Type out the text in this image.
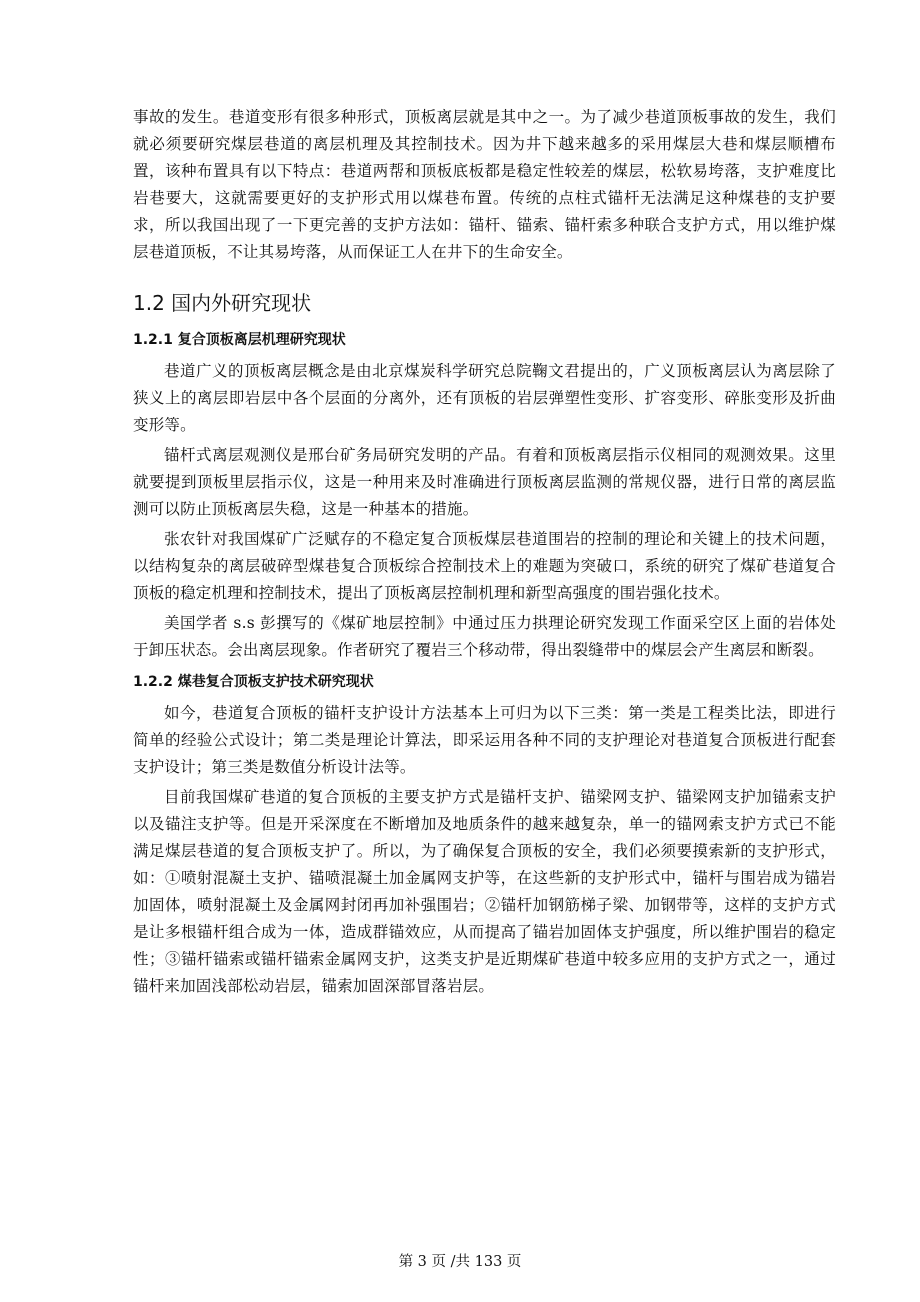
事故的发生。巷道变形有很多种形式，顶板离层就是其中之一。为了减少巷道顶板事故的发生，我们就必须要研究煤层巷道的离层机理及其控制技术。因为井下越来越多的采用煤层大巷和煤层顺槽布置，该种布置具有以下特点：巷道两帮和顶板底板都是稳定性较差的煤层，松软易垮落，支护难度比岩巷要大，这就需要更好的支护形式用以煤巷布置。传统的点柱式锚杆无法满足这种煤巷的支护要求，所以我国出现了一下更完善的支护方法如：锚杆、锚索、锚杆索多种联合支护方式，用以维护煤层巷道顶板，不让其易垮落，从而保证工人在井下的生命安全。

1.2 国内外研究现状
1.2.1 复合顶板离层机理研究现状

巷道广义的顶板离层概念是由北京煤炭科学研究总院鞠文君提出的，广义顶板离层认为离层除了狭义上的离层即岩层中各个层面的分离外，还有顶板的岩层弹塑性变形、扩容变形、碎胀变形及折曲变形等。

锚杆式离层观测仪是邢台矿务局研究发明的产品。有着和顶板离层指示仪相同的观测效果。这里就要提到顶板里层指示仪，这是一种用来及时准确进行顶板离层监测的常规仪器，进行日常的离层监测可以防止顶板离层失稳，这是一种基本的措施。

张农针对我国煤矿广泛赋存的不稳定复合顶板煤层巷道围岩的控制的理论和关键上的技术问题，以结构复杂的离层破碎型煤巷复合顶板综合控制技术上的难题为突破口，系统的研究了煤矿巷道复合顶板的稳定机理和控制技术，提出了顶板离层控制机理和新型高强度的围岩强化技术。

美国学者 s.s 彭撰写的《煤矿地层控制》中通过压力拱理论研究发现工作面采空区上面的岩体处于卸压状态。会出离层现象。作者研究了覆岩三个移动带，得出裂缝带中的煤层会产生离层和断裂。

1.2.2 煤巷复合顶板支护技术研究现状

如今，巷道复合顶板的锚杆支护设计方法基本上可归为以下三类：第一类是工程类比法，即进行简单的经验公式设计；第二类是理论计算法，即采运用各种不同的支护理论对巷道复合顶板进行配套支护设计；第三类是数值分析设计法等。

目前我国煤矿巷道的复合顶板的主要支护方式是锚杆支护、锚梁网支护、锚梁网支护加锚索支护以及锚注支护等。但是开采深度在不断增加及地质条件的越来越复杂，单一的锚网索支护方式已不能满足煤层巷道的复合顶板支护了。所以，为了确保复合顶板的安全，我们必须要摸索新的支护形式，如：①喷射混凝土支护、锚喷混凝土加金属网支护等，在这些新的支护形式中，锚杆与围岩成为锚岩加固体，喷射混凝土及金属网封闭再加补强围岩；②锚杆加钢筋梯子梁、加钢带等，这样的支护方式是让多根锚杆组合成为一体，造成群锚效应，从而提高了锚岩加固体支护强度，所以维护围岩的稳定性；③锚杆锚索或锚杆锚索金属网支护，这类支护是近期煤矿巷道中较多应用的支护方式之一，通过锚杆来加固浅部松动岩层，锚索加固深部冒落岩层。

第 3 页 /共 133 页
